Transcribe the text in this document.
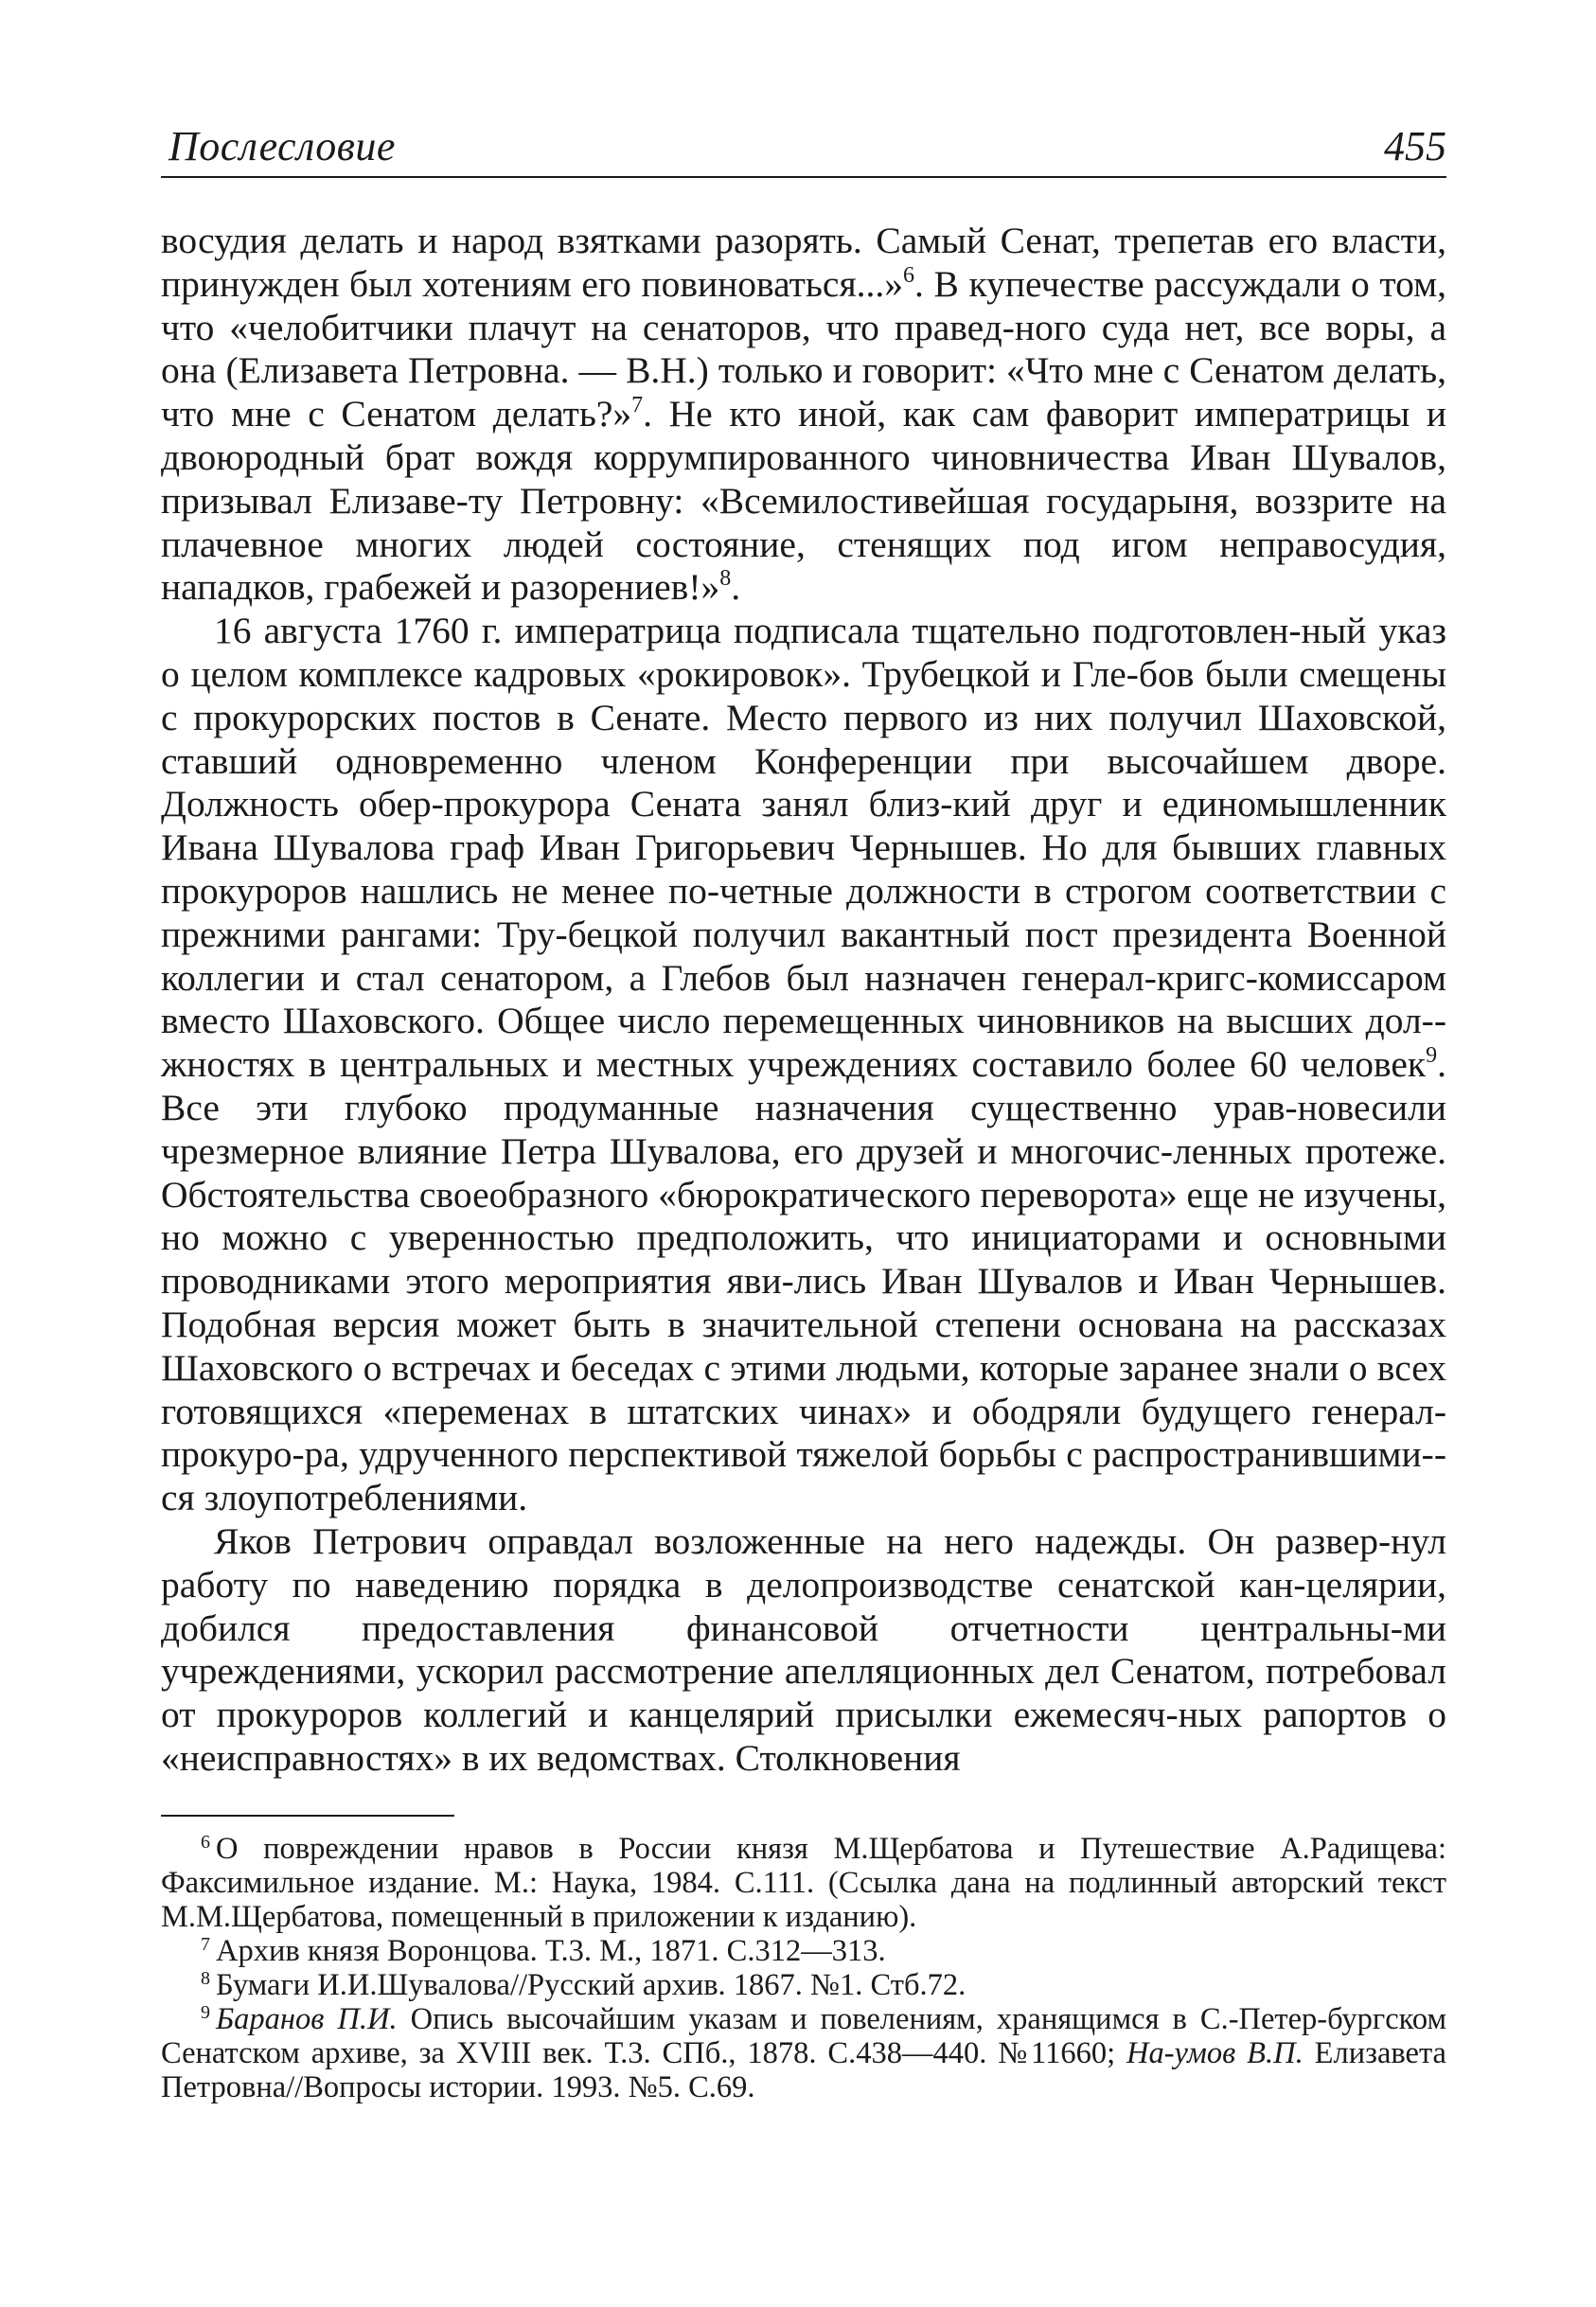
Послесловие	455

восудия делать и народ взятками разорять. Самый Сенат, трепетав его власти, принужден был хотениям его повиноваться...»$^6$. В купечестве рассуждали о том, что «челобитчики плачут на сенаторов, что правед-ного суда нет, все воры, а она (Елизавета Петровна. — В.Н.) только и говорит: «Что мне с Сенатом делать, что мне с Сенатом делать?»$^7$. Не кто иной, как сам фаворит императрицы и двоюродный брат вождя коррумпированного чиновничества Иван Шувалов, призывал Елизаве-ту Петровну: «Всемилостивейшая государыня, воззрите на плачевное многих людей состояние, стенящих под игом неправосудия, нападков, грабежей и разорениев!»$^8$.

16 августа 1760 г. императрица подписала тщательно подготовлен-ный указ о целом комплексе кадровых «рокировок». Трубецкой и Гле-бов были смещены с прокурорских постов в Сенате. Место первого из них получил Шаховской, ставший одновременно членом Конференции при высочайшем дворе. Должность обер-прокурора Сената занял близ-кий друг и единомышленник Ивана Шувалова граф Иван Григорьевич Чернышев. Но для бывших главных прокуроров нашлись не менее по-четные должности в строгом соответствии с прежними рангами: Тру-бецкой получил вакантный пост президента Военной коллегии и стал сенатором, а Глебов был назначен генерал-кригс-комиссаром вместо Шаховского. Общее число перемещенных чиновников на высших дол-жностях в центральных и местных учреждениях составило более 60 человек$^9$. Все эти глубоко продуманные назначения существенно урав-новесили чрезмерное влияние Петра Шувалова, его друзей и многочис-ленных протеже. Обстоятельства своеобразного «бюрократического переворота» еще не изучены, но можно с уверенностью предположить, что инициаторами и основными проводниками этого мероприятия яви-лись Иван Шувалов и Иван Чернышев. Подобная версия может быть в значительной степени основана на рассказах Шаховского о встречах и беседах с этими людьми, которые заранее знали о всех готовящихся «переменах в штатских чинах» и ободряли будущего генерал-прокуро-ра, удрученного перспективой тяжелой борьбы с распространившими-ся злоупотреблениями.

Яков Петрович оправдал возложенные на него надежды. Он развер-нул работу по наведению порядка в делопроизводстве сенатской кан-целярии, добился предоставления финансовой отчетности центральны-ми учреждениями, ускорил рассмотрение апелляционных дел Сенатом, потребовал от прокуроров коллегий и канцелярий присылки ежемесяч-ных рапортов о «неисправностях» в их ведомствах. Столкновения

$^6$ О повреждении нравов в России князя М.Щербатова и Путешествие А.Радищева: Факсимильное издание. М.: Наука, 1984. С.111. (Ссылка дана на подлинный авторский текст М.М.Щербатова, помещенный в приложении к изданию).

$^7$ Архив князя Воронцова. Т.3. М., 1871. С.312—313.

$^8$ Бумаги И.И.Шувалова//Русский архив. 1867. №1. Стб.72.

$^9$ Баранов П.И. Опись высочайшим указам и повелениям, хранящимся в С.-Петер-бургском Сенатском архиве, за XVIII век. Т.3. СПб., 1878. С.438—440. №11660; На-умов В.П. Елизавета Петровна//Вопросы истории. 1993. №5. С.69.
